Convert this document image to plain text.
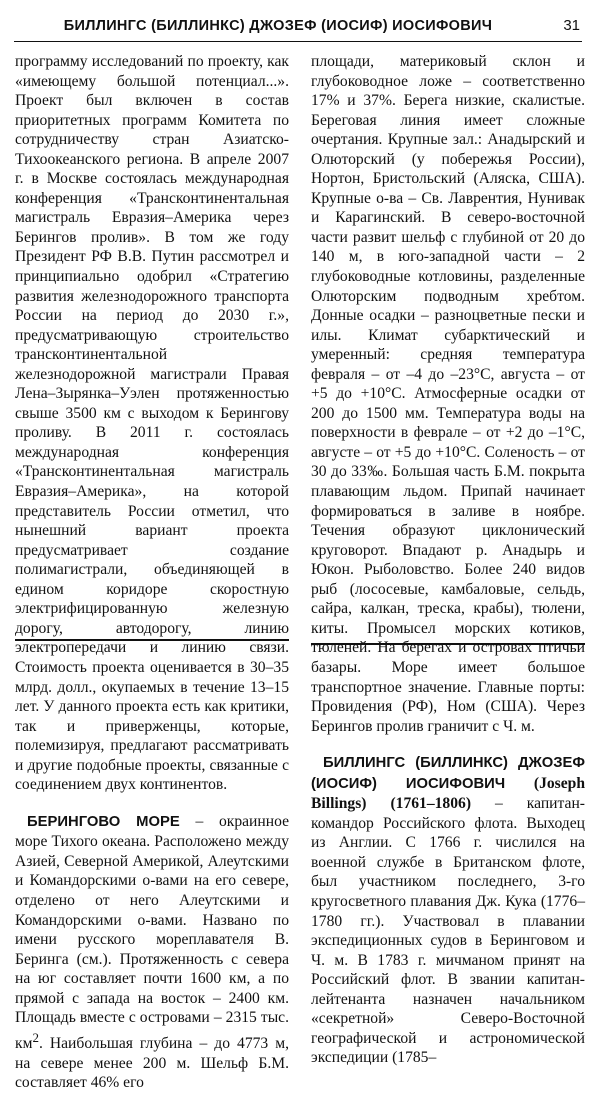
БИЛЛИНГС (БИЛЛИНКС) ДЖОЗЕФ (ИОСИФ) ИОСИФОВИЧ	31

программу исследований по проекту, как «имеющему большой потенциал...». Проект был включен в состав приоритетных программ Комитета по сотрудничеству стран Азиатско-Тихоокеанского региона. В апреле 2007 г. в Москве состоялась международная конференция «Трансконтинентальная магистраль Евразия–Америка через Берингов пролив». В том же году Президент РФ В.В. Путин рассмотрел и принципиально одобрил «Стратегию развития железнодорожного транспорта России на период до 2030 г.», предусматривающую строительство трансконтинентальной железнодорожной магистрали Правая Лена–Зырянка–Уэлен протяженностью свыше 3500 км с выходом к Берингову проливу. В 2011 г. состоялась международная конференция «Трансконтинентальная магистраль Евразия–Америка», на которой представитель России отметил, что нынешний вариант проекта предусматривает создание полимагистрали, объединяющей в едином коридоре скоростную электрифицированную железную дорогу, автодорогу, линию электропередачи и линию связи. Стоимость проекта оценивается в 30–35 млрд. долл., окупаемых в течение 13–15 лет. У данного проекта есть как критики, так и приверженцы, которые, полемизируя, предлагают рассматривать и другие подобные проекты, связанные с соединением двух континентов.

БЕРИНГОВО МОРЕ – окраинное море Тихого океана. Расположено между Азией, Северной Америкой, Алеутскими и Командорскими о-вами на его севере, отделено от него Алеутскими и Командорскими о-вами. Названо по имени русского мореплавателя В. Беринга (см.). Протяженность с севера на юг составляет почти 1600 км, а по прямой с запада на восток – 2400 км. Площадь вместе с островами – 2315 тыс. $км^2$. Наибольшая глубина – до 4773 м, на севере менее 200 м. Шельф Б.М. составляет 46% его

площади, материковый склон и глубоководное ложе – соответственно 17% и 37%. Берега низкие, скалистые. Береговая линия имеет сложные очертания. Крупные зал.: Анадырский и Олюторский (у побережья России), Нортон, Бристольский (Аляска, США). Крупные о-ва – Св. Лаврентия, Нунивак и Карагинский. В северо-восточной части развит шельф с глубиной от 20 до 140 м, в юго-западной части – 2 глубоководные котловины, разделенные Олюторским подводным хребтом. Донные осадки – разноцветные пески и илы. Климат субарктический и умеренный: средняя температура февраля – от –4 до –23°С, августа – от +5 до +10°С. Атмосферные осадки от 200 до 1500 мм. Температура воды на поверхности в феврале – от +2 до –1°С, августе – от +5 до +10°С. Соленость – от 30 до 33‰. Большая часть Б.М. покрыта плавающим льдом. Припай начинает формироваться в заливе в ноябре. Течения образуют циклонический круговорот. Впадают р. Анадырь и Юкон. Рыболовство. Более 240 видов рыб (лососевые, камбаловые, сельдь, сайра, калкан, треска, крабы), тюлени, киты. Промысел морских котиков, тюленей. На берегах и островах птичьи базары. Море имеет большое транспортное значение. Главные порты: Провидения (РФ), Ном (США). Через Берингов пролив граничит с Ч. м.

БИЛЛИНГС (БИЛЛИНКС) ДЖОЗЕФ (ИОСИФ) ИОСИФОВИЧ (Joseph Billings) (1761–1806) – капитан-командор Российского флота. Выходец из Англии. С 1766 г. числился на военной службе в Британском флоте, был участником последнего, 3-го кругосветного плавания Дж. Кука (1776–1780 гг.). Участвовал в плавании экспедиционных судов в Беринговом и Ч. м. В 1783 г. мичманом принят на Российский флот. В звании капитан-лейтенанта назначен начальником «секретной» Северо-Восточной географической и астрономической экспедиции (1785–
